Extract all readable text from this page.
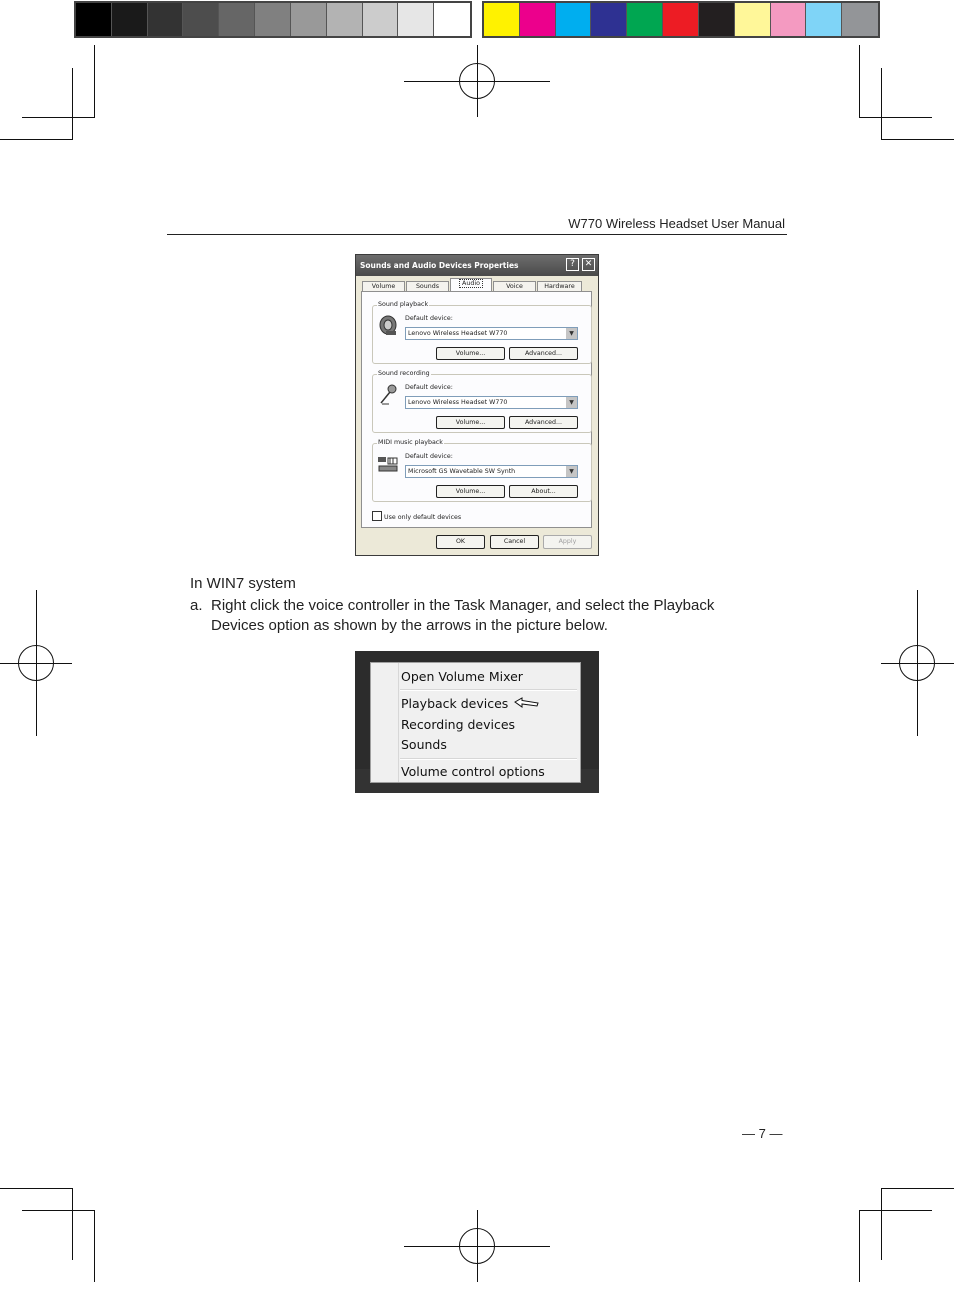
W770 Wireless Headset User Manual
Sounds and Audio Devices Properties	?	✕
Volume	Sounds	Audio	Voice	Hardware
Sound playback
Default device:
Lenovo Wireless Headset W770	▼
Volume...	Advanced...
Sound recording
Default device:
Lenovo Wireless Headset W770	▼
Volume...	Advanced...
MIDI music playback
Default device:
Microsoft GS Wavetable SW Synth	▼
Volume...	About...
Use only default devices
OK	Cancel	Apply
In WIN7 system
a. Right click the voice controller in the Task Manager, and select the Playback
Devices option as shown by the arrows in the picture below.
Open Volume Mixer
Playback devices
Recording devices
Sounds
Volume control options
— 7 —
